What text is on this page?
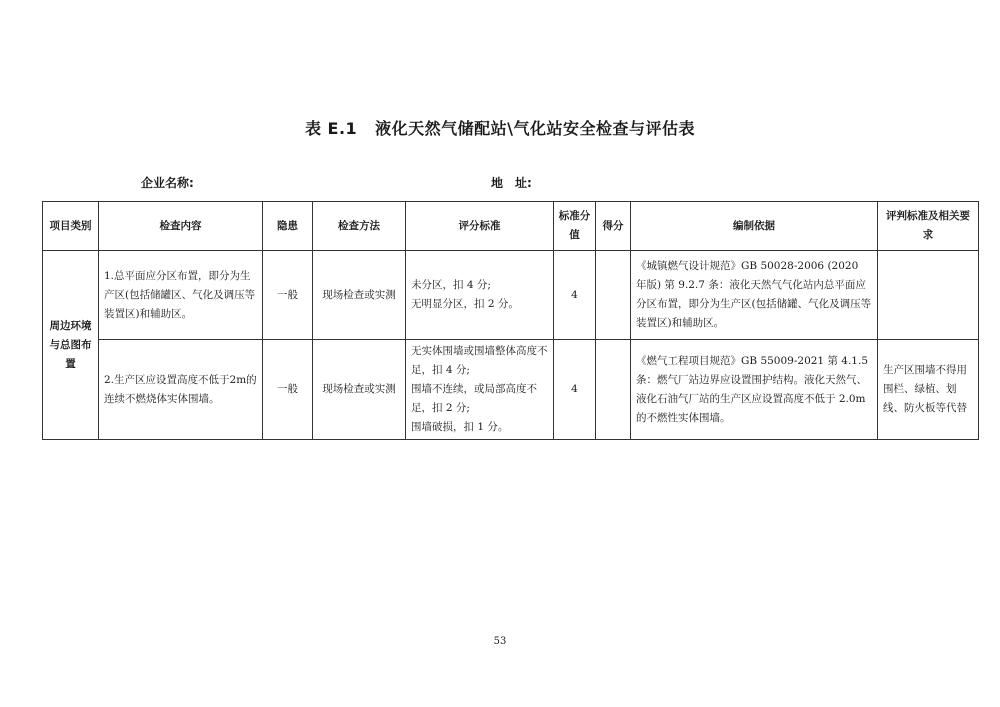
表 E.1 液化天然气储配站\气化站安全检查与评估表
企业名称:	地　址:
项目类别	检查内容	隐患	检查方法	评分标准	标准分值	得分	编制依据	评判标准及相关要求
周边环境与总图布置	1.总平面应分区布置，即分为生产区(包括储罐区、气化及调压等装置区)和辅助区。	一般	现场检查或实测	未分区，扣 4 分;
无明显分区，扣 2 分。	4		《城镇燃气设计规范》GB 50028-2006 (2020 年版) 第 9.2.7 条：液化天然气气化站内总平面应分区布置，即分为生产区(包括储罐、气化及调压等装置区)和辅助区。	
	2.生产区应设置高度不低于2m的连续不燃烧体实体围墙。	一般	现场检查或实测	无实体围墙或围墙整体高度不足，扣 4 分;
围墙不连续，或局部高度不足，扣 2 分;
围墙破损，扣 1 分。	4		《燃气工程项目规范》GB 55009-2021 第 4.1.5 条：燃气厂站边界应设置围护结构。液化天然气、液化石油气厂站的生产区应设置高度不低于 2.0m 的不燃性实体围墙。	生产区围墙不得用围栏、绿植、划线、防火板等代替
53
